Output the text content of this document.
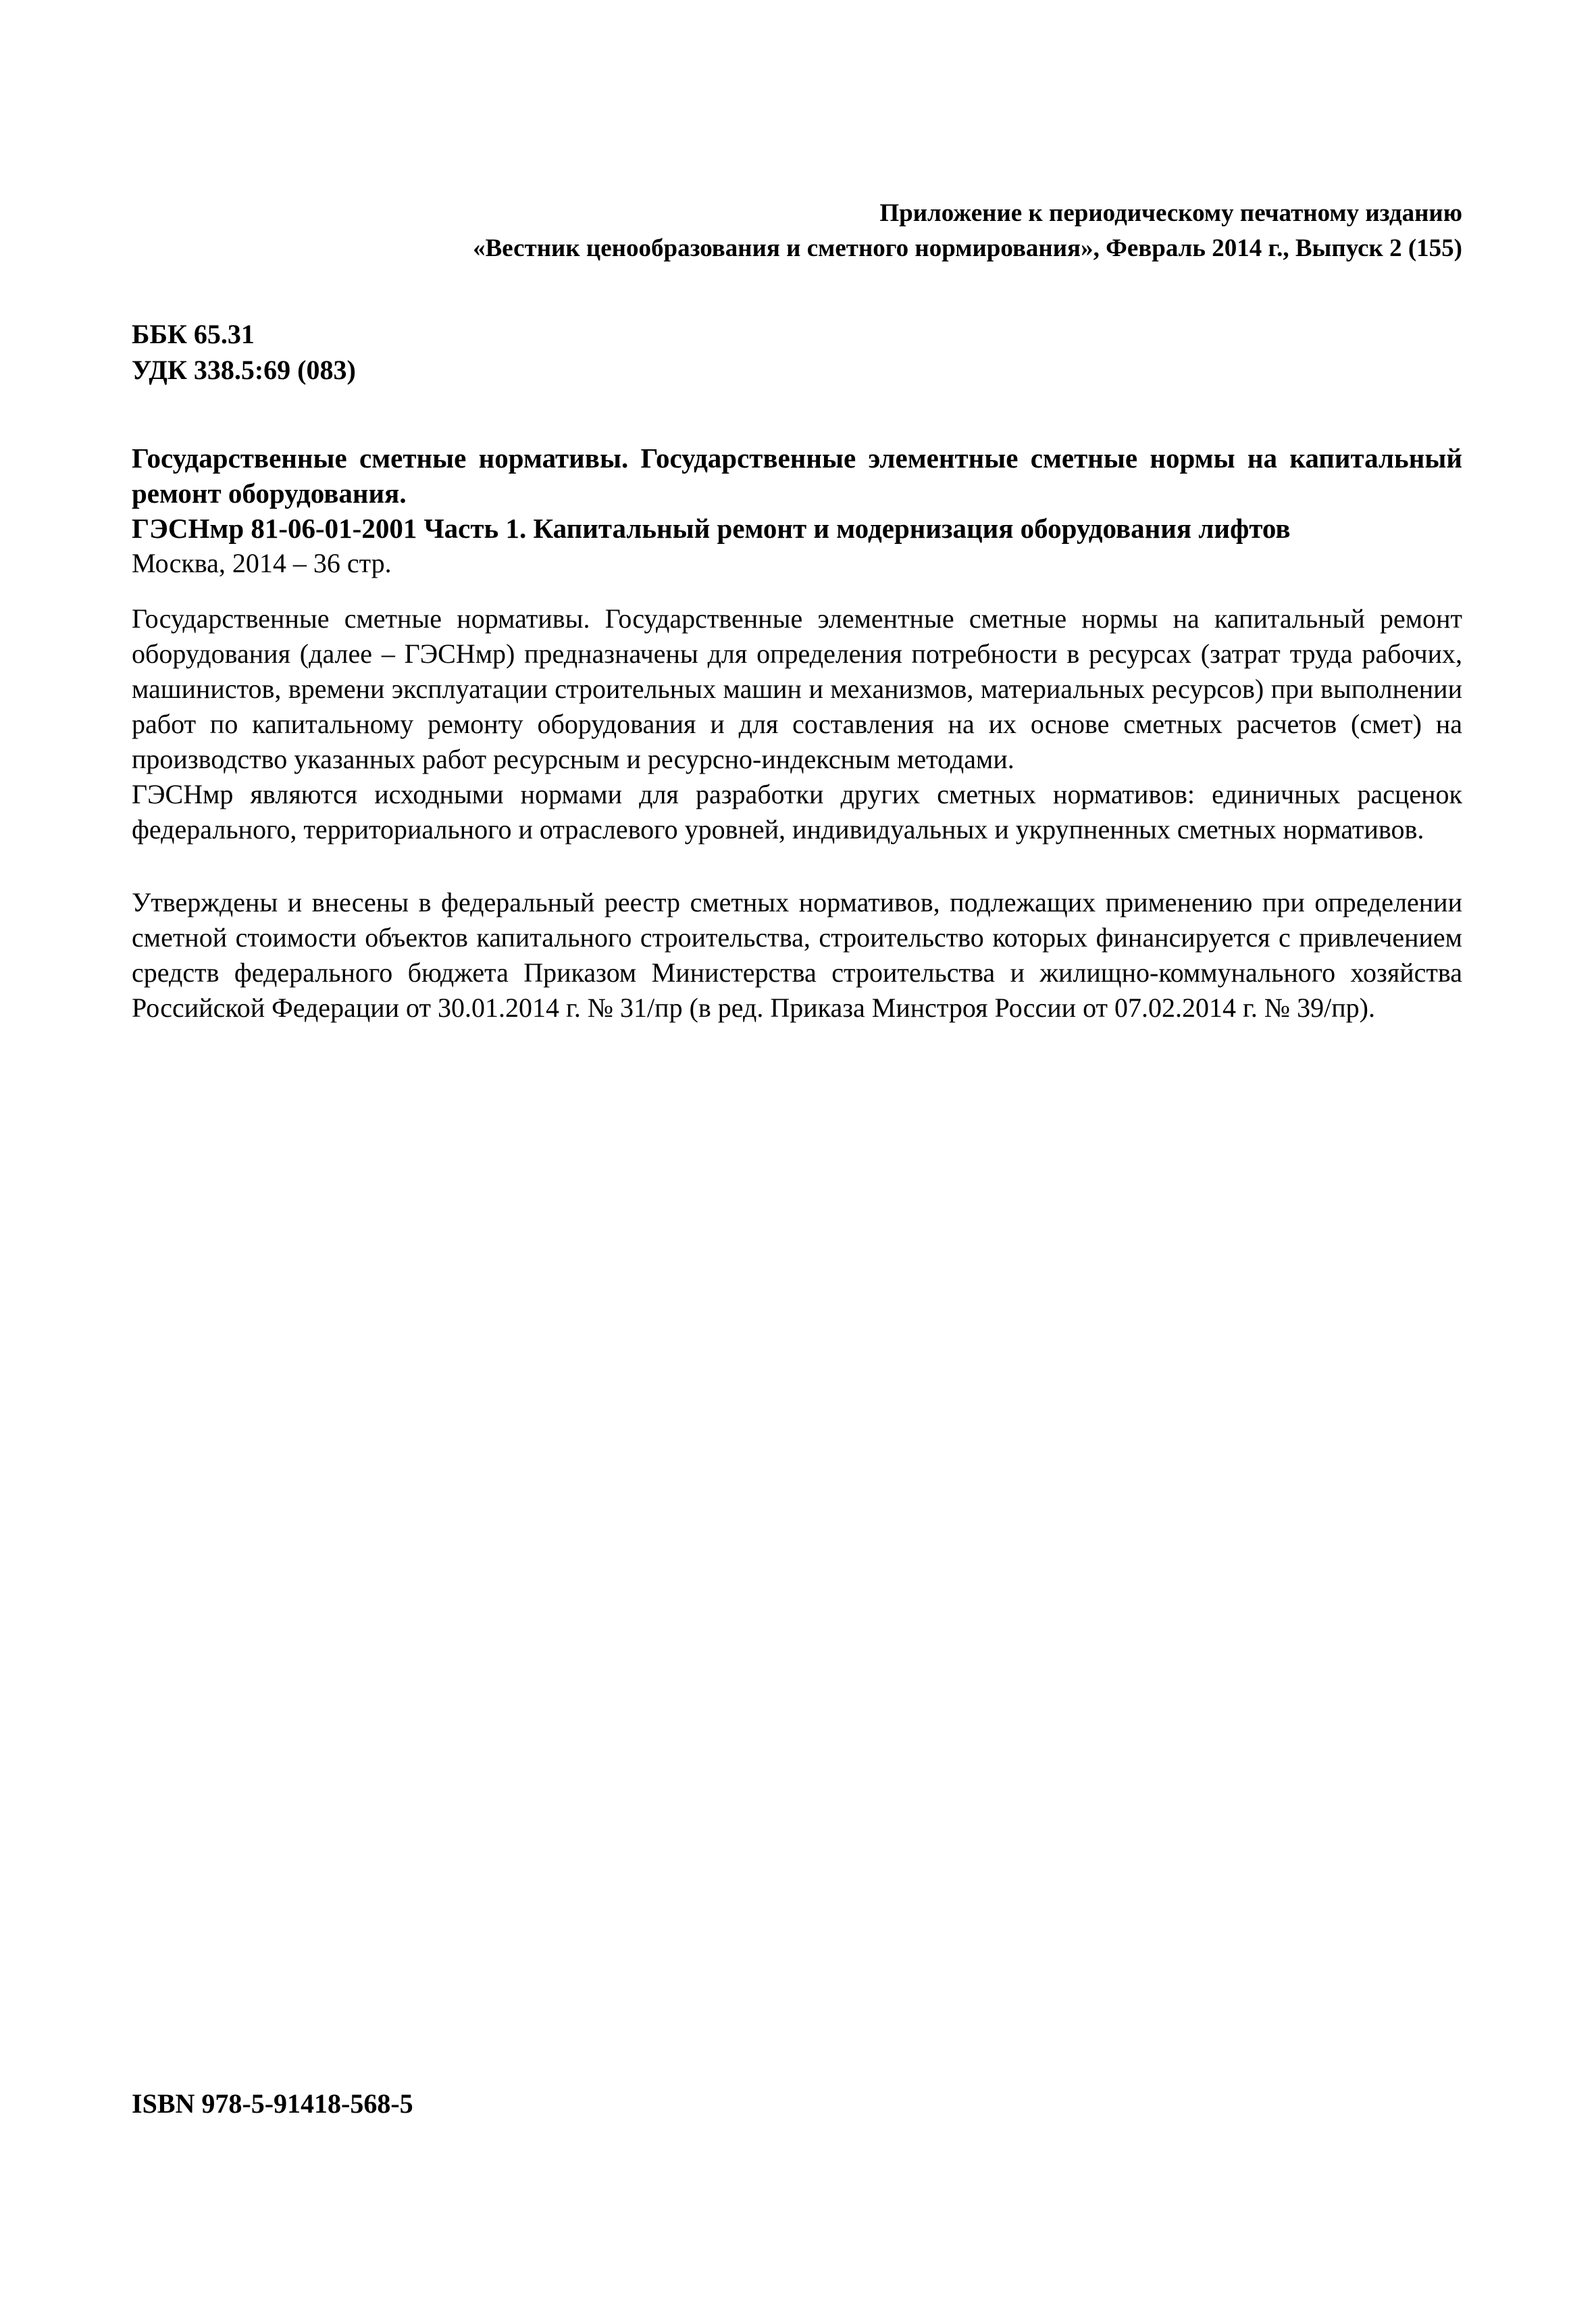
Приложение к периодическому печатному изданию
«Вестник ценообразования и сметного нормирования», Февраль 2014 г., Выпуск 2 (155)
ББК 65.31
УДК 338.5:69 (083)
Государственные сметные нормативы. Государственные элементные сметные нормы на капитальный ремонт оборудования.
ГЭСНмр 81-06-01-2001 Часть 1. Капитальный ремонт и модернизация оборудования лифтов
Москва, 2014 – 36 стр.

Государственные сметные нормативы. Государственные элементные сметные нормы на капитальный ремонт оборудования (далее – ГЭСНмр) предназначены для определения потребности в ресурсах (затрат труда рабочих, машинистов, времени эксплуатации строительных машин и механизмов, материальных ресурсов) при выполнении работ по капитальному ремонту оборудования и для составления на их основе сметных расчетов (смет) на производство указанных работ ресурсным и ресурсно-индексным методами.

ГЭСНмр являются исходными нормами для разработки других сметных нормативов: единичных расценок федерального, территориального и отраслевого уровней, индивидуальных и укрупненных сметных нормативов.

Утверждены и внесены в федеральный реестр сметных нормативов, подлежащих применению при определении сметной стоимости объектов капитального строительства, строительство которых финансируется с привлечением средств федерального бюджета Приказом Министерства строительства и жилищно-коммунального хозяйства Российской Федерации от 30.01.2014 г. № 31/пр (в ред. Приказа Минстроя России от 07.02.2014 г. № 39/пр).

ISBN 978-5-91418-568-5
